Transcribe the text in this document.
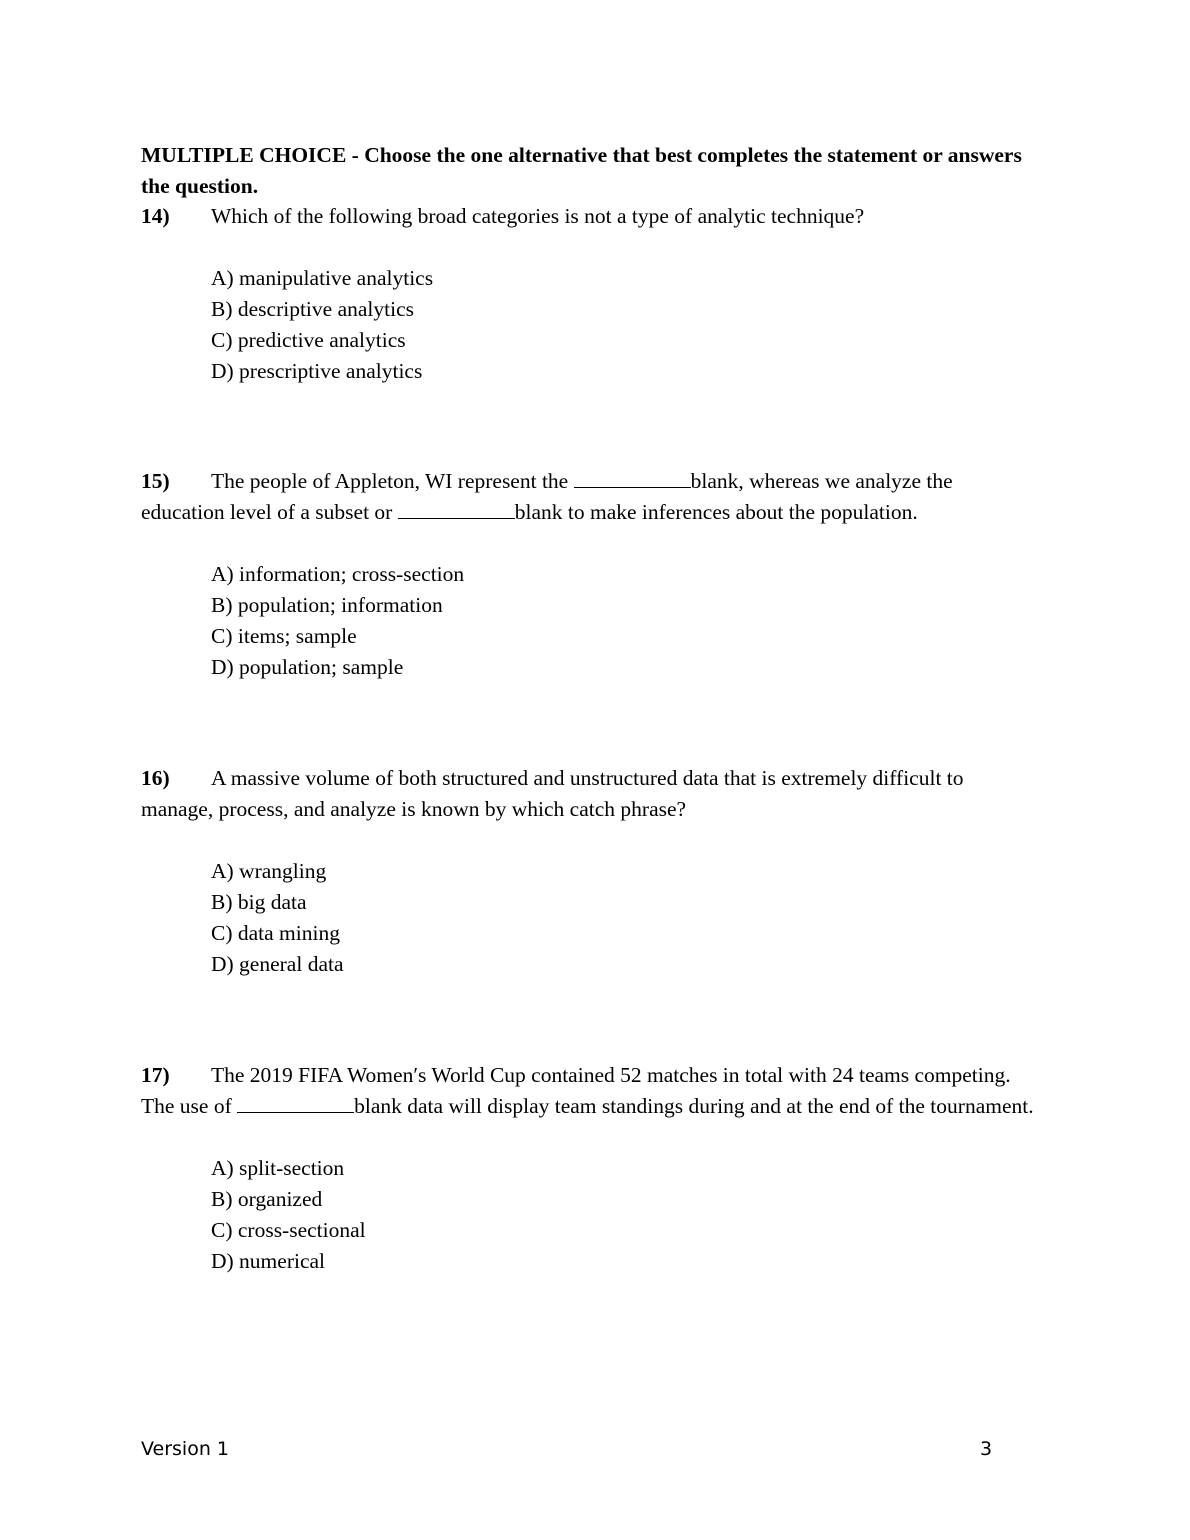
MULTIPLE CHOICE - Choose the one alternative that best completes the statement or answers the question.
14) Which of the following broad categories is not a type of analytic technique?
A) manipulative analytics
B) descriptive analytics
C) predictive analytics
D) prescriptive analytics
15) The people of Appleton, WI represent the	blank, whereas we analyze the education level of a subset or	blank to make inferences about the population.
A) information; cross-section
B) population; information
C) items; sample
D) population; sample
16) A massive volume of both structured and unstructured data that is extremely difficult to manage, process, and analyze is known by which catch phrase?
A) wrangling
B) big data
C) data mining
D) general data
17) The 2019 FIFA Women′s World Cup contained 52 matches in total with 24 teams competing. The use of	blank data will display team standings during and at the end of the tournament.
A) split-section
B) organized
C) cross-sectional
D) numerical
Version 1	3
